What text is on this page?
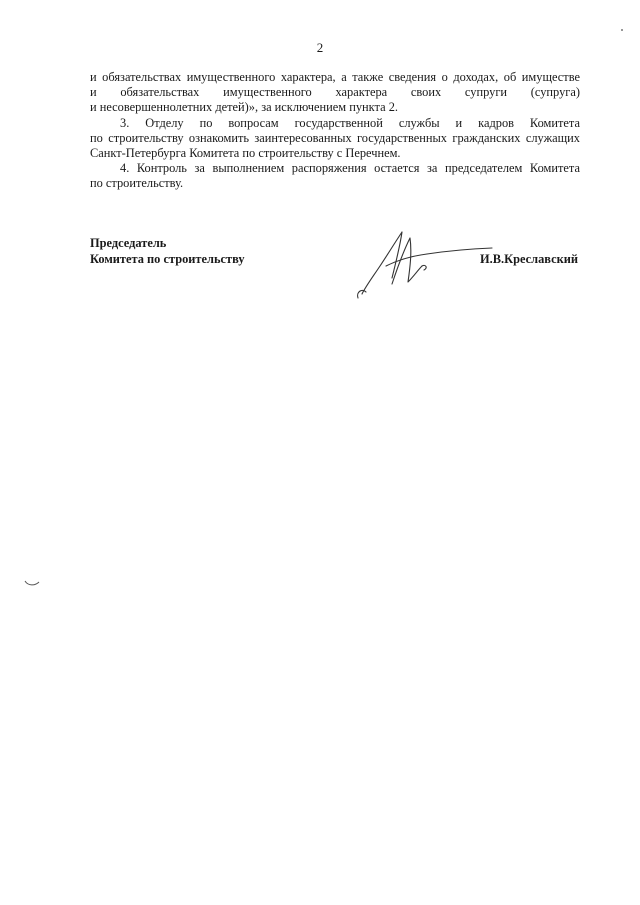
2
и обязательствах имущественного характера, а также сведения о доходах, об имуществе
и обязательствах имущественного характера своих супруги (супруга)
и несовершеннолетних детей)», за исключением пункта 2.
3. Отделу по вопросам государственной службы и кадров Комитета
по строительству ознакомить заинтересованных государственных гражданских служащих
Санкт-Петербурга Комитета по строительству с Перечнем.
4. Контроль за выполнением распоряжения остается за председателем Комитета
по строительству.
Председатель
Комитета по строительству	И.В.Креславский
